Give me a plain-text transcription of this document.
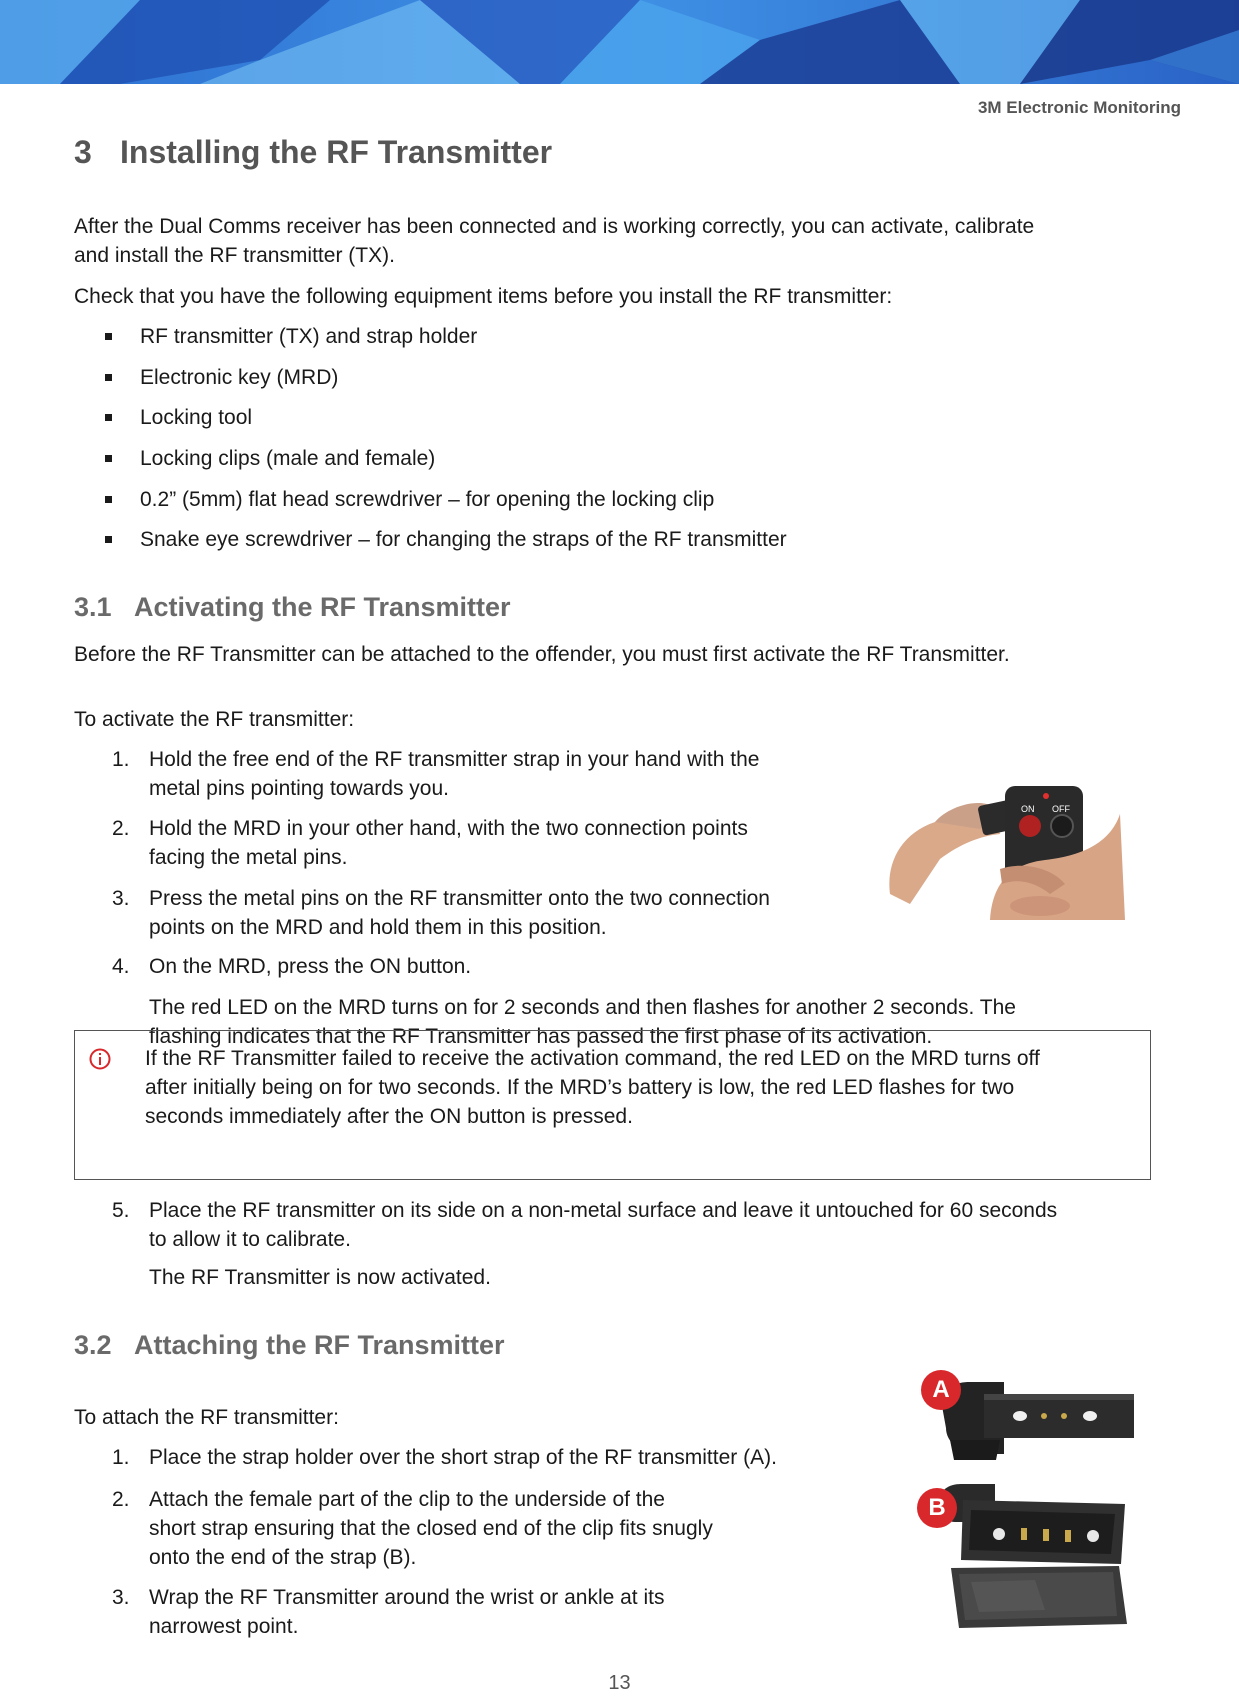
3M Electronic Monitoring
3 Installing the RF Transmitter
After the Dual Comms receiver has been connected and is working correctly, you can activate, calibrate
and install the RF transmitter (TX).
Check that you have the following equipment items before you install the RF transmitter:
RF transmitter (TX) and strap holder
Electronic key (MRD)
Locking tool
Locking clips (male and female)
0.2” (5mm) flat head screwdriver – for opening the locking clip
Snake eye screwdriver – for changing the straps of the RF transmitter
3.1 Activating the RF Transmitter
Before the RF Transmitter can be attached to the offender, you must first activate the RF Transmitter.
To activate the RF transmitter:
1. Hold the free end of the RF transmitter strap in your hand with the
metal pins pointing towards you.
2. Hold the MRD in your other hand, with the two connection points
facing the metal pins.
3. Press the metal pins on the RF transmitter onto the two connection
points on the MRD and hold them in this position.
4. On the MRD, press the ON button.
The red LED on the MRD turns on for 2 seconds and then flashes for another 2 seconds. The
flashing indicates that the RF Transmitter has passed the first phase of its activation.
ON OFF
If the RF Transmitter failed to receive the activation command, the red LED on the MRD turns off
after initially being on for two seconds. If the MRD’s battery is low, the red LED flashes for two
seconds immediately after the ON button is pressed.
5. Place the RF transmitter on its side on a non-metal surface and leave it untouched for 60 seconds
to allow it to calibrate.
The RF Transmitter is now activated.
3.2 Attaching the RF Transmitter
To attach the RF transmitter:
1. Place the strap holder over the short strap of the RF transmitter (A).
2. Attach the female part of the clip to the underside of the
short strap ensuring that the closed end of the clip fits snugly
onto the end of the strap (B).
3. Wrap the RF Transmitter around the wrist or ankle at its
narrowest point.
A
B
13
